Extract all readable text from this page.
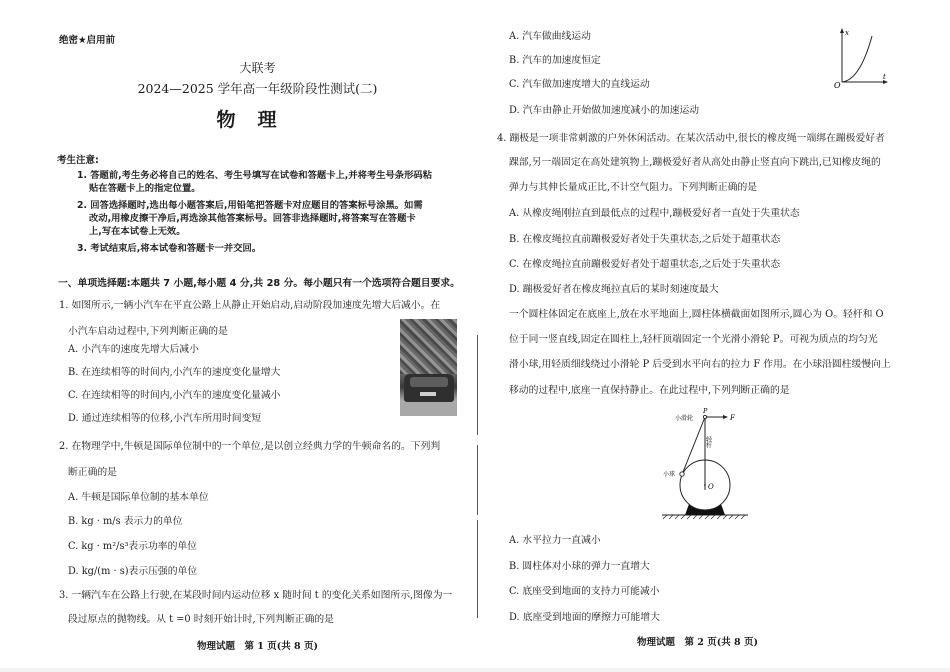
绝密★启用前
大联考
2024—2025 学年高一年级阶段性测试(二)
物理
考生注意:
1. 答题前,考生务必将自己的姓名、考生号填写在试卷和答题卡上,并将考生号条形码粘
贴在答题卡上的指定位置。
2. 回答选择题时,选出每小题答案后,用铅笔把答题卡对应题目的答案标号涂黑。如需
改动,用橡皮擦干净后,再选涂其他答案标号。回答非选择题时,将答案写在答题卡
上,写在本试卷上无效。
3. 考试结束后,将本试卷和答题卡一并交回。
一、单项选择题:本题共 7 小题,每小题 4 分,共 28 分。每小题只有一个选项符合题目要求。
1. 如图所示,一辆小汽车在平直公路上从静止开始启动,启动阶段加速度先增大后减小。在
小汽车启动过程中,下列判断正确的是
A. 小汽车的速度先增大后减小
B. 在连续相等的时间内,小汽车的速度变化量增大
C. 在连续相等的时间内,小汽车的速度变化量减小
D. 通过连续相等的位移,小汽车所用时间变短
2. 在物理学中,牛顿是国际单位制中的一个单位,是以创立经典力学的牛顿命名的。下列判
断正确的是
A. 牛顿是国际单位制的基本单位
B. kg · m/s 表示力的单位
C. kg · m²/s³表示功率的单位
D. kg/(m · s)表示压强的单位
3. 一辆汽车在公路上行驶,在某段时间内运动位移 x 随时间 t 的变化关系如图所示,图像为一
段过原点的抛物线。从 t =0 时刻开始计时,下列判断正确的是
物理试题　第 1 页(共 8 页)
A. 汽车做曲线运动
B. 汽车的加速度恒定
C. 汽车做加速度增大的直线运动
D. 汽车由静止开始做加速度减小的加速运动
x
t
O
4. 蹦极是一项非常刺激的户外休闲活动。在某次活动中,很长的橡皮绳一端绑在蹦极爱好者
踝部,另一端固定在高处建筑物上,蹦极爱好者从高处由静止竖直向下跳出,已知橡皮绳的
弹力与其伸长量成正比,不计空气阻力。下列判断正确的是
A. 从橡皮绳刚拉直到最低点的过程中,蹦极爱好者一直处于失重状态
B. 在橡皮绳拉直前蹦极爱好者处于失重状态,之后处于超重状态
C. 在橡皮绳拉直前蹦极爱好者处于超重状态,之后处于失重状态
D. 蹦极爱好者在橡皮绳拉直后的某时刻速度最大
一个圆柱体固定在底座上,放在水平地面上,圆柱体横截面如图所示,圆心为 O。轻杆和 O
位于同一竖直线,固定在圆柱上,轻杆顶端固定一个光滑小滑轮 P。可视为质点的均匀光
滑小球,用轻质细线绕过小滑轮 P 后受到水平向右的拉力 F 作用。在小球沿圆柱缓慢向上
移动的过程中,底座一直保持静止。在此过程中,下列判断正确的是
P
小滑轮	F
轻杆
小球
O
A. 水平拉力一直减小
B. 圆柱体对小球的弹力一直增大
C. 底座受到地面的支持力可能减小
D. 底座受到地面的摩擦力可能增大
物理试题　第 2 页(共 8 页)
